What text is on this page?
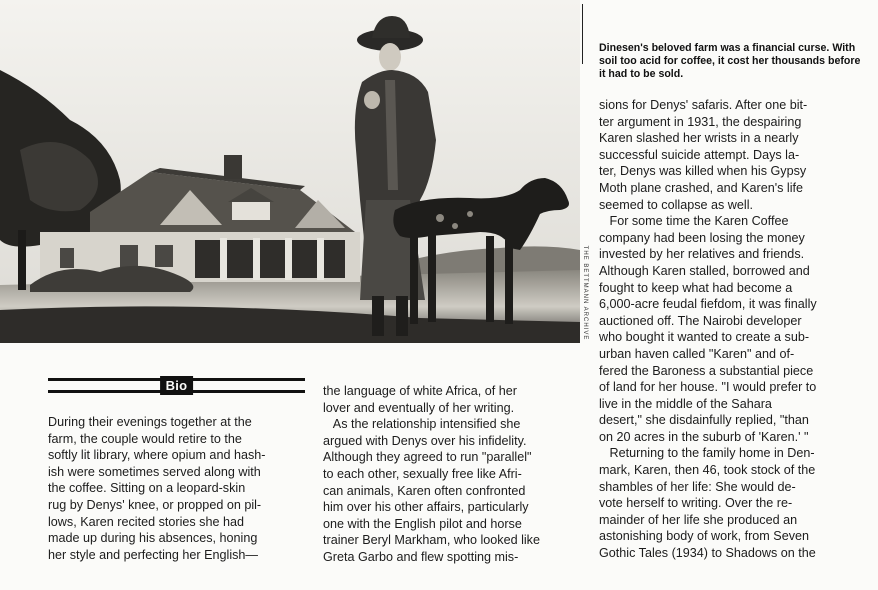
THE BETTMANN ARCHIVE
Dinesen's beloved farm was a financial curse. With soil too acid for coffee, it cost her thousands before it had to be sold.
Bio

During their evenings together at the

farm, the couple would retire to the

softly lit library, where opium and hash-

ish were sometimes served along with

the coffee. Sitting on a leopard-skin

rug by Denys' knee, or propped on pil-

lows, Karen recited stories she had

made up during his absences, honing

her style and perfecting her English—

the language of white Africa, of her

lover and eventually of her writing.

As the relationship intensified she

argued with Denys over his infidelity.

Although they agreed to run "parallel"

to each other, sexually free like Afri-

can animals, Karen often confronted

him over his other affairs, particularly

one with the English pilot and horse

trainer Beryl Markham, who looked like

Greta Garbo and flew spotting mis-

sions for Denys' safaris. After one bit-

ter argument in 1931, the despairing

Karen slashed her wrists in a nearly

successful suicide attempt. Days la-

ter, Denys was killed when his Gypsy

Moth plane crashed, and Karen's life

seemed to collapse as well.

For some time the Karen Coffee

company had been losing the money

invested by her relatives and friends.

Although Karen stalled, borrowed and

fought to keep what had become a

6,000-acre feudal fiefdom, it was finally

auctioned off. The Nairobi developer

who bought it wanted to create a sub-

urban haven called "Karen" and of-

fered the Baroness a substantial piece

of land for her house. "I would prefer to

live in the middle of the Sahara

desert," she disdainfully replied, "than

on 20 acres in the suburb of 'Karen.' "

Returning to the family home in Den-

mark, Karen, then 46, took stock of the

shambles of her life: She would de-

vote herself to writing. Over the re-

mainder of her life she produced an

astonishing body of work, from Seven

Gothic Tales (1934) to Shadows on the
